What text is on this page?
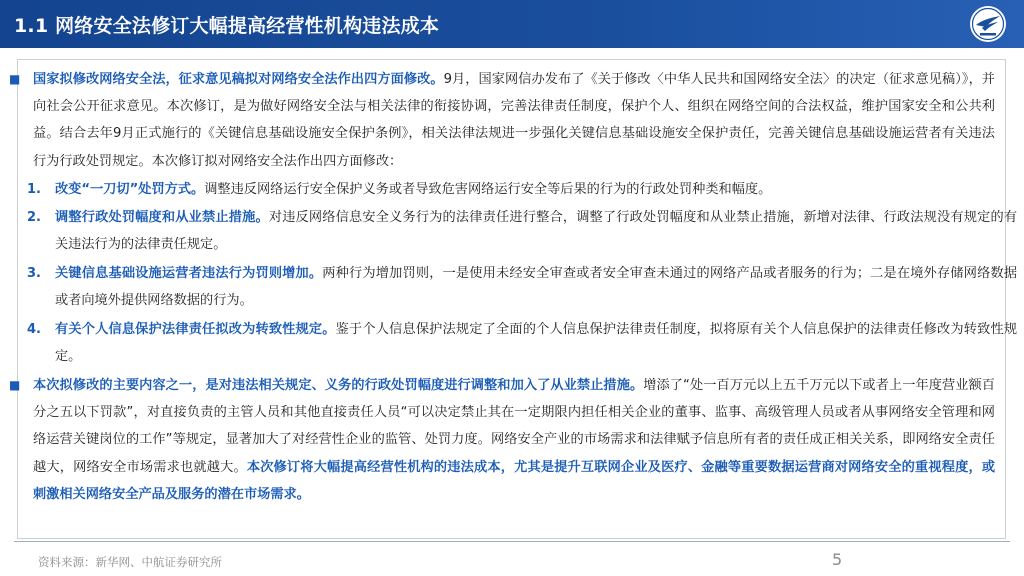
1.1 网络安全法修订大幅提高经营性机构违法成本
■ 国家拟修改网络安全法，征求意见稿拟对网络安全法作出四方面修改。9月，国家网信办发布了《关于修改〈中华人民共和国网络安全法〉的决定（征求意见稿）》，并向社会公开征求意见。本次修订，是为做好网络安全法与相关法律的衔接协调，完善法律责任制度，保护个人、组织在网络空间的合法权益，维护国家安全和公共利益。结合去年9月正式施行的《关键信息基础设施安全保护条例》，相关法律法规进一步强化关键信息基础设施安全保护责任，完善关键信息基础设施运营者有关违法行为行政处罚规定。本次修订拟对网络安全法作出四方面修改：
1. 改变“一刀切”处罚方式。调整违反网络运行安全保护义务或者导致危害网络运行安全等后果的行为的行政处罚种类和幅度。
2. 调整行政处罚幅度和从业禁止措施。对违反网络信息安全义务行为的法律责任进行整合，调整了行政处罚幅度和从业禁止措施，新增对法律、行政法规没有规定的有关违法行为的法律责任规定。
3. 关键信息基础设施运营者违法行为罚则增加。两种行为增加罚则，一是使用未经安全审查或者安全审查未通过的网络产品或者服务的行为；二是在境外存储网络数据或者向境外提供网络数据的行为。
4. 有关个人信息保护法律责任拟改为转致性规定。鉴于个人信息保护法规定了全面的个人信息保护法律责任制度，拟将原有关个人信息保护的法律责任修改为转致性规定。
■ 本次拟修改的主要内容之一，是对违法相关规定、义务的行政处罚幅度进行调整和加入了从业禁止措施。增添了“处一百万元以上五千万元以下或者上一年度营业额百分之五以下罚款”，对直接负责的主管人员和其他直接责任人员“可以决定禁止其在一定期限内担任相关企业的董事、监事、高级管理人员或者从事网络安全管理和网络运营关键岗位的工作”等规定，显著加大了对经营性企业的监管、处罚力度。网络安全产业的市场需求和法律赋予信息所有者的责任成正相关关系，即网络安全责任越大，网络安全市场需求也就越大。本次修订将大幅提高经营性机构的违法成本，尤其是提升互联网企业及医疗、金融等重要数据运营商对网络安全的重视程度，或刺激相关网络安全产品及服务的潜在市场需求。
资料来源：新华网、中航证券研究所	5
